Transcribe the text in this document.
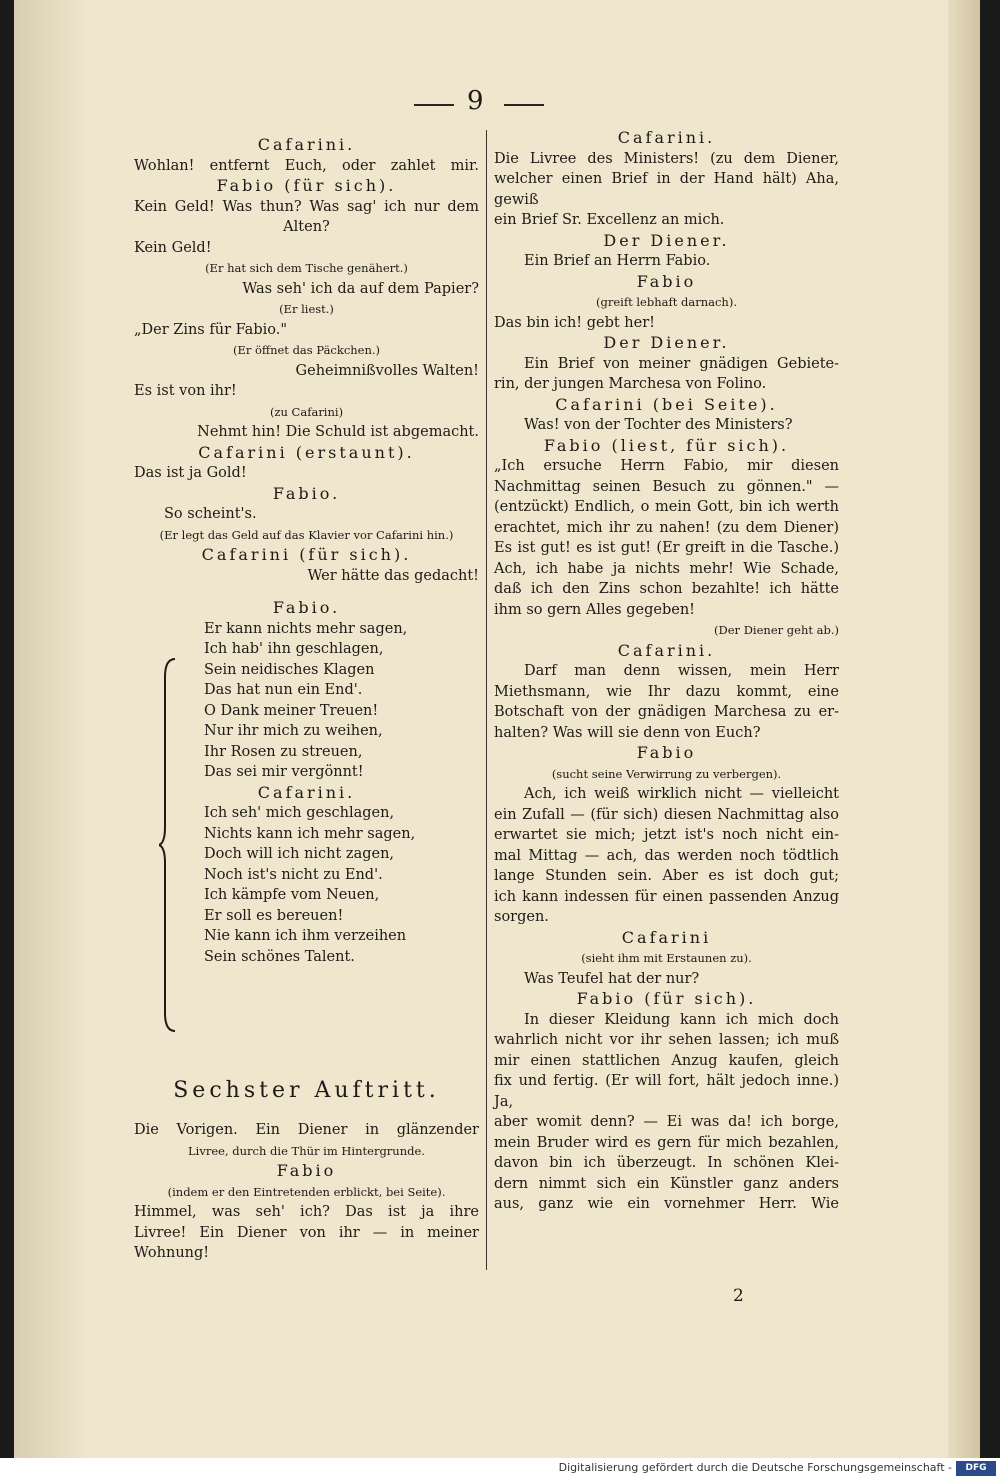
9
Cafarini.
Wohlan! entfernt Euch, oder zahlet mir.
Fabio (für sich).
Kein Geld! Was thun? Was sag' ich nur dem
Alten?
Kein Geld!
(Er hat sich dem Tische genähert.)
Was seh' ich da auf dem Papier?
(Er liest.)
„Der Zins für Fabio."
(Er öffnet das Päckchen.)
Geheimnißvolles Walten!
Es ist von ihr!
(zu Cafarini)
Nehmt hin! Die Schuld ist abgemacht.
Cafarini (erstaunt).
Das ist ja Gold!
Fabio.
So scheint's.
(Er legt das Geld auf das Klavier vor Cafarini hin.)
Cafarini (für sich).
Wer hätte das gedacht!
Fabio.
Er kann nichts mehr sagen,
Ich hab' ihn geschlagen,
Sein neidisches Klagen
Das hat nun ein End'.
O Dank meiner Treuen!
Nur ihr mich zu weihen,
Ihr Rosen zu streuen,
Das sei mir vergönnt!
Cafarini.
Ich seh' mich geschlagen,
Nichts kann ich mehr sagen,
Doch will ich nicht zagen,
Noch ist's nicht zu End'.
Ich kämpfe vom Neuen,
Er soll es bereuen!
Nie kann ich ihm verzeihen
Sein schönes Talent.
Sechster Auftritt.
Die Vorigen. Ein Diener in glänzender
Livree, durch die Thür im Hintergrunde.
Fabio
(indem er den Eintretenden erblickt, bei Seite).
Himmel, was seh' ich? Das ist ja ihre
Livree! Ein Diener von ihr — in meiner
Wohnung!
Cafarini.
Die Livree des Ministers! (zu dem Diener,
welcher einen Brief in der Hand hält) Aha, gewiß
ein Brief Sr. Excellenz an mich.
Der Diener.
Ein Brief an Herrn Fabio.
Fabio
(greift lebhaft darnach).
Das bin ich! gebt her!
Der Diener.
Ein Brief von meiner gnädigen Gebiete-
rin, der jungen Marchesa von Folino.
Cafarini (bei Seite).
Was! von der Tochter des Ministers?
Fabio (liest, für sich).
„Ich ersuche Herrn Fabio, mir diesen
Nachmittag seinen Besuch zu gönnen." —
(entzückt) Endlich, o mein Gott, bin ich werth
erachtet, mich ihr zu nahen! (zu dem Diener)
Es ist gut! es ist gut! (Er greift in die Tasche.)
Ach, ich habe ja nichts mehr! Wie Schade,
daß ich den Zins schon bezahlte! ich hätte
ihm so gern Alles gegeben!
(Der Diener geht ab.)
Cafarini.
Darf man denn wissen, mein Herr
Miethsmann, wie Ihr dazu kommt, eine
Botschaft von der gnädigen Marchesa zu er-
halten? Was will sie denn von Euch?
Fabio
(sucht seine Verwirrung zu verbergen).
Ach, ich weiß wirklich nicht — vielleicht
ein Zufall — (für sich) diesen Nachmittag also
erwartet sie mich; jetzt ist's noch nicht ein-
mal Mittag — ach, das werden noch tödtlich
lange Stunden sein. Aber es ist doch gut;
ich kann indessen für einen passenden Anzug
sorgen.
Cafarini
(sieht ihm mit Erstaunen zu).
Was Teufel hat der nur?
Fabio (für sich).
In dieser Kleidung kann ich mich doch
wahrlich nicht vor ihr sehen lassen; ich muß
mir einen stattlichen Anzug kaufen, gleich
fix und fertig. (Er will fort, hält jedoch inne.) Ja,
aber womit denn? — Ei was da! ich borge,
mein Bruder wird es gern für mich bezahlen,
davon bin ich überzeugt. In schönen Klei-
dern nimmt sich ein Künstler ganz anders
aus, ganz wie ein vornehmer Herr. Wie
2
Digitalisierung gefördert durch die Deutsche Forschungsgemeinschaft -	DFG
